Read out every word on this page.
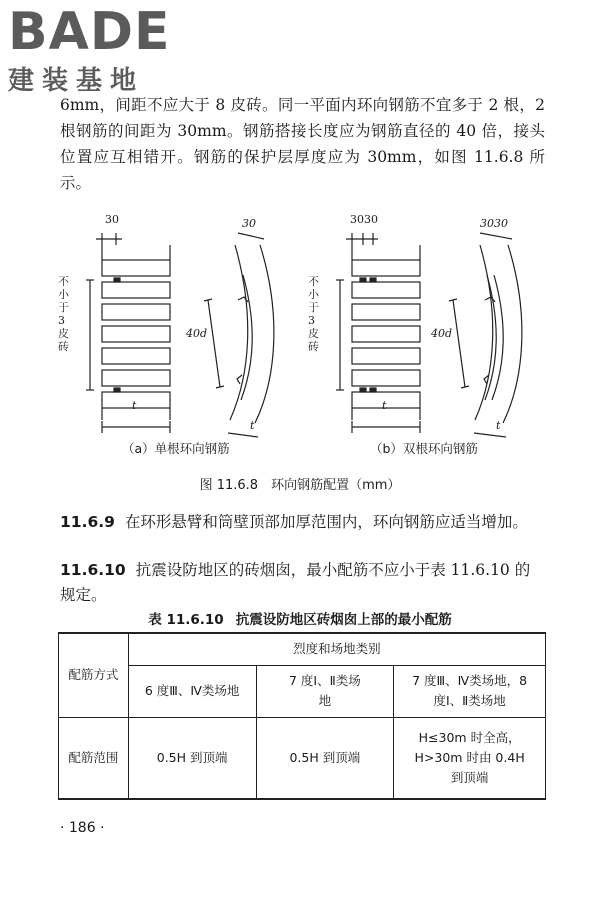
BADE
建装基地

6mm，间距不应大于 8 皮砖。同一平面内环向钢筋不宜多于 2 根，2 根钢筋的间距为 30mm。钢筋搭接长度应为钢筋直径的 40 倍，接头位置应互相错开。钢筋的保护层厚度应为 30mm，如图 11.6.8 所示。

30	30
不小于3皮砖
40d
t
t
3030	3030
不小于3皮砖
40d
t
t
（a）单根环向钢筋	（b）双根环向钢筋
图 11.6.8　环向钢筋配置（mm）

11.6.9 在环形悬臂和筒壁顶部加厚范围内，环向钢筋应适当增加。

11.6.10 抗震设防地区的砖烟囱，最小配筋不应小于表 11.6.10 的规定。

表 11.6.10 抗震设防地区砖烟囱上部的最小配筋
配筋方式	烈度和场地类别		
	6 度Ⅲ、Ⅳ类场地	7 度Ⅰ、Ⅱ类场地	7 度Ⅲ、Ⅳ类场地，8 度Ⅰ、Ⅱ类场地
配筋范围	0.5H 到顶端	0.5H 到顶端	H≤30m 时全高，H>30m 时由 0.4H 到顶端
· 186 ·
